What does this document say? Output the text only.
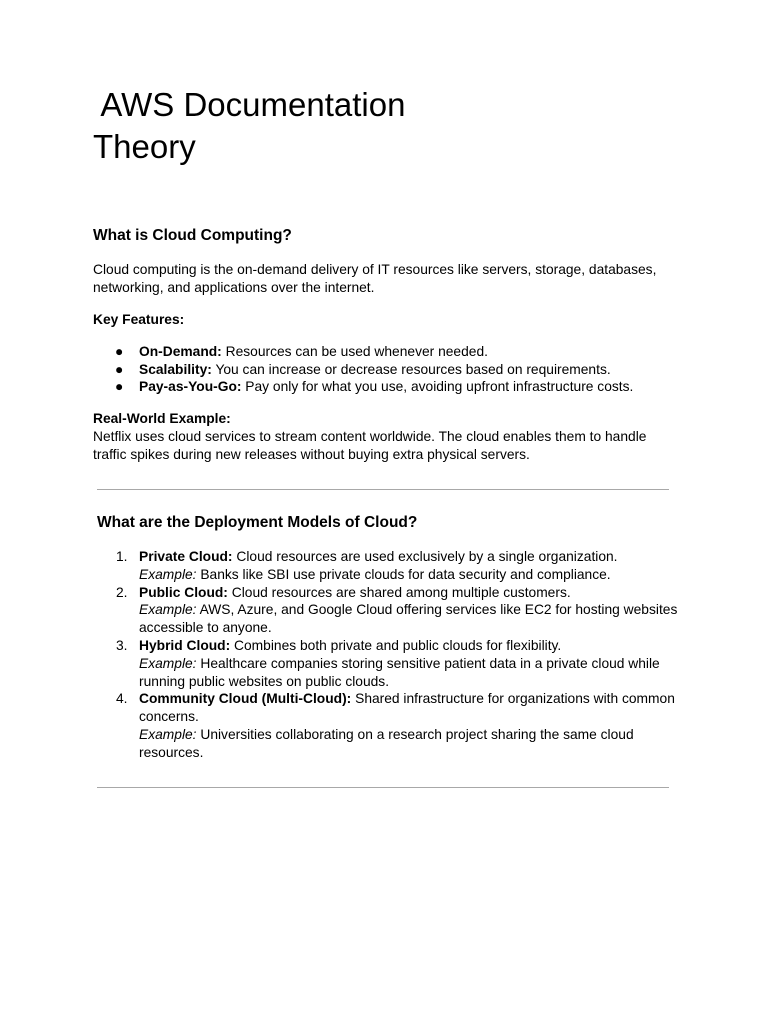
AWS Documentation
Theory
What is Cloud Computing?

Cloud computing is the on-demand delivery of IT resources like servers, storage, databases, networking, and applications over the internet.

Key Features:

● On-Demand: Resources can be used whenever needed.
● Scalability: You can increase or decrease resources based on requirements.
● Pay-as-You-Go: Pay only for what you use, avoiding upfront infrastructure costs.

Real-World Example:

Netflix uses cloud services to stream content worldwide. The cloud enables them to handle traffic spikes during new releases without buying extra physical servers.

What are the Deployment Models of Cloud?
1. Private Cloud: Cloud resources are used exclusively by a single organization.
Example: Banks like SBI use private clouds for data security and compliance.
2. Public Cloud: Cloud resources are shared among multiple customers.
Example: AWS, Azure, and Google Cloud offering services like EC2 for hosting websites accessible to anyone.
3. Hybrid Cloud: Combines both private and public clouds for flexibility.
Example: Healthcare companies storing sensitive patient data in a private cloud while running public websites on public clouds.
4. Community Cloud (Multi-Cloud): Shared infrastructure for organizations with common concerns.
Example: Universities collaborating on a research project sharing the same cloud resources.
